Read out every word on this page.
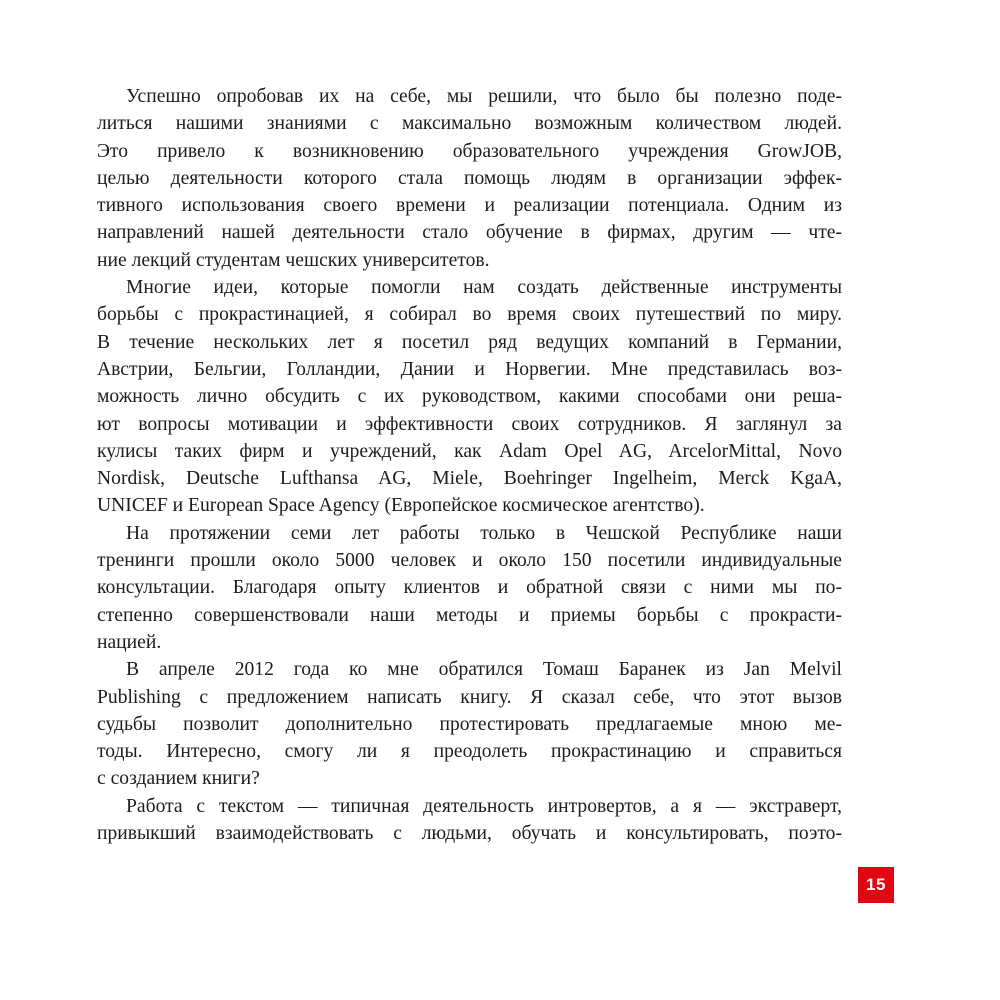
Успешно опробовав их на себе, мы решили, что было бы полезно поде-
литься нашими знаниями с максимально возможным количеством людей.
Это привело к возникновению образовательного учреждения GrowJOB,
целью деятельности которого стала помощь людям в организации эффек-
тивного использования своего времени и реализации потенциала. Одним из
направлений нашей деятельности стало обучение в фирмах, другим — чте-
ние лекций студентам чешских университетов.
Многие идеи, которые помогли нам создать действенные инструменты
борьбы с прокрастинацией, я собирал во время своих путешествий по миру.
В течение нескольких лет я посетил ряд ведущих компаний в Германии,
Австрии, Бельгии, Голландии, Дании и Норвегии. Мне представилась воз-
можность лично обсудить с их руководством, какими способами они реша-
ют вопросы мотивации и эффективности своих сотрудников. Я заглянул за
кулисы таких фирм и учреждений, как Adam Opel AG, ArcelorMittal, Novo
Nordisk, Deutsche Lufthansa AG, Miele, Boehringer Ingelheim, Merck KgaA,
UNICEF и European Space Agency (Европейское космическое агентство).
На протяжении семи лет работы только в Чешской Республике наши
тренинги прошли около 5000 человек и около 150 посетили индивидуальные
консультации. Благодаря опыту клиентов и обратной связи с ними мы по-
степенно совершенствовали наши методы и приемы борьбы с прокрасти-
нацией.
В апреле 2012 года ко мне обратился Томаш Баранек из Jan Melvil
Publishing с предложением написать книгу. Я сказал себе, что этот вызов
судьбы позволит дополнительно протестировать предлагаемые мною ме-
тоды. Интересно, смогу ли я преодолеть прокрастинацию и справиться
с созданием книги?
Работа с текстом — типичная деятельность интровертов, а я — экстраверт,
привыкший взаимодействовать с людьми, обучать и консультировать, поэто-
15
